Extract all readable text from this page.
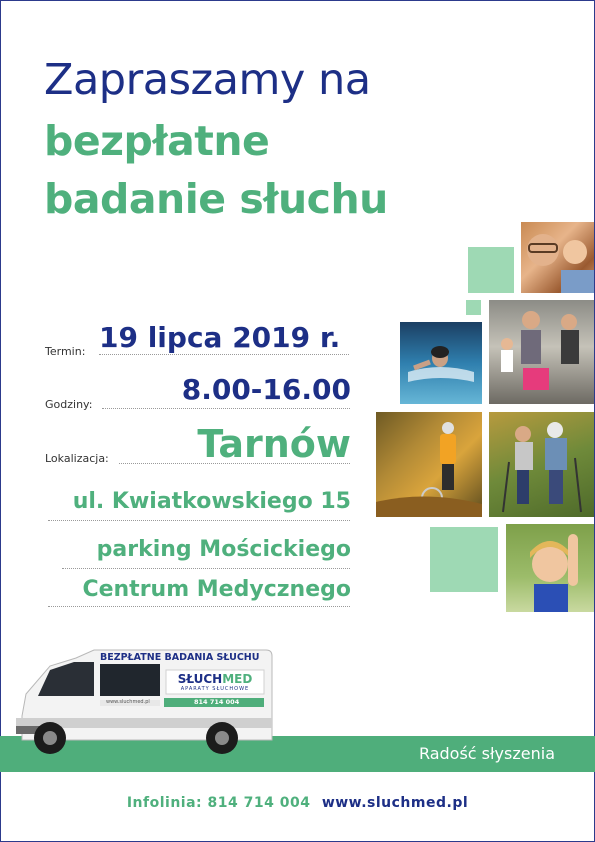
Zapraszamy na
bezpłatne
badanie słuchu
Termin: 19 lipca 2019 r.
Godziny:	8.00-16.00
Lokalizacja: Tarnów
ul. Kwiatkowskiego 15
parking Mościckiego
Centrum Medycznego
Radość słyszenia
BEZPŁATNE BADANIA SŁUCHU
SŁUCHMED
APARATY SŁUCHOWE
814 714 004
www.sluchmed.pl
Infolinia: 814 714 004 www.sluchmed.pl
